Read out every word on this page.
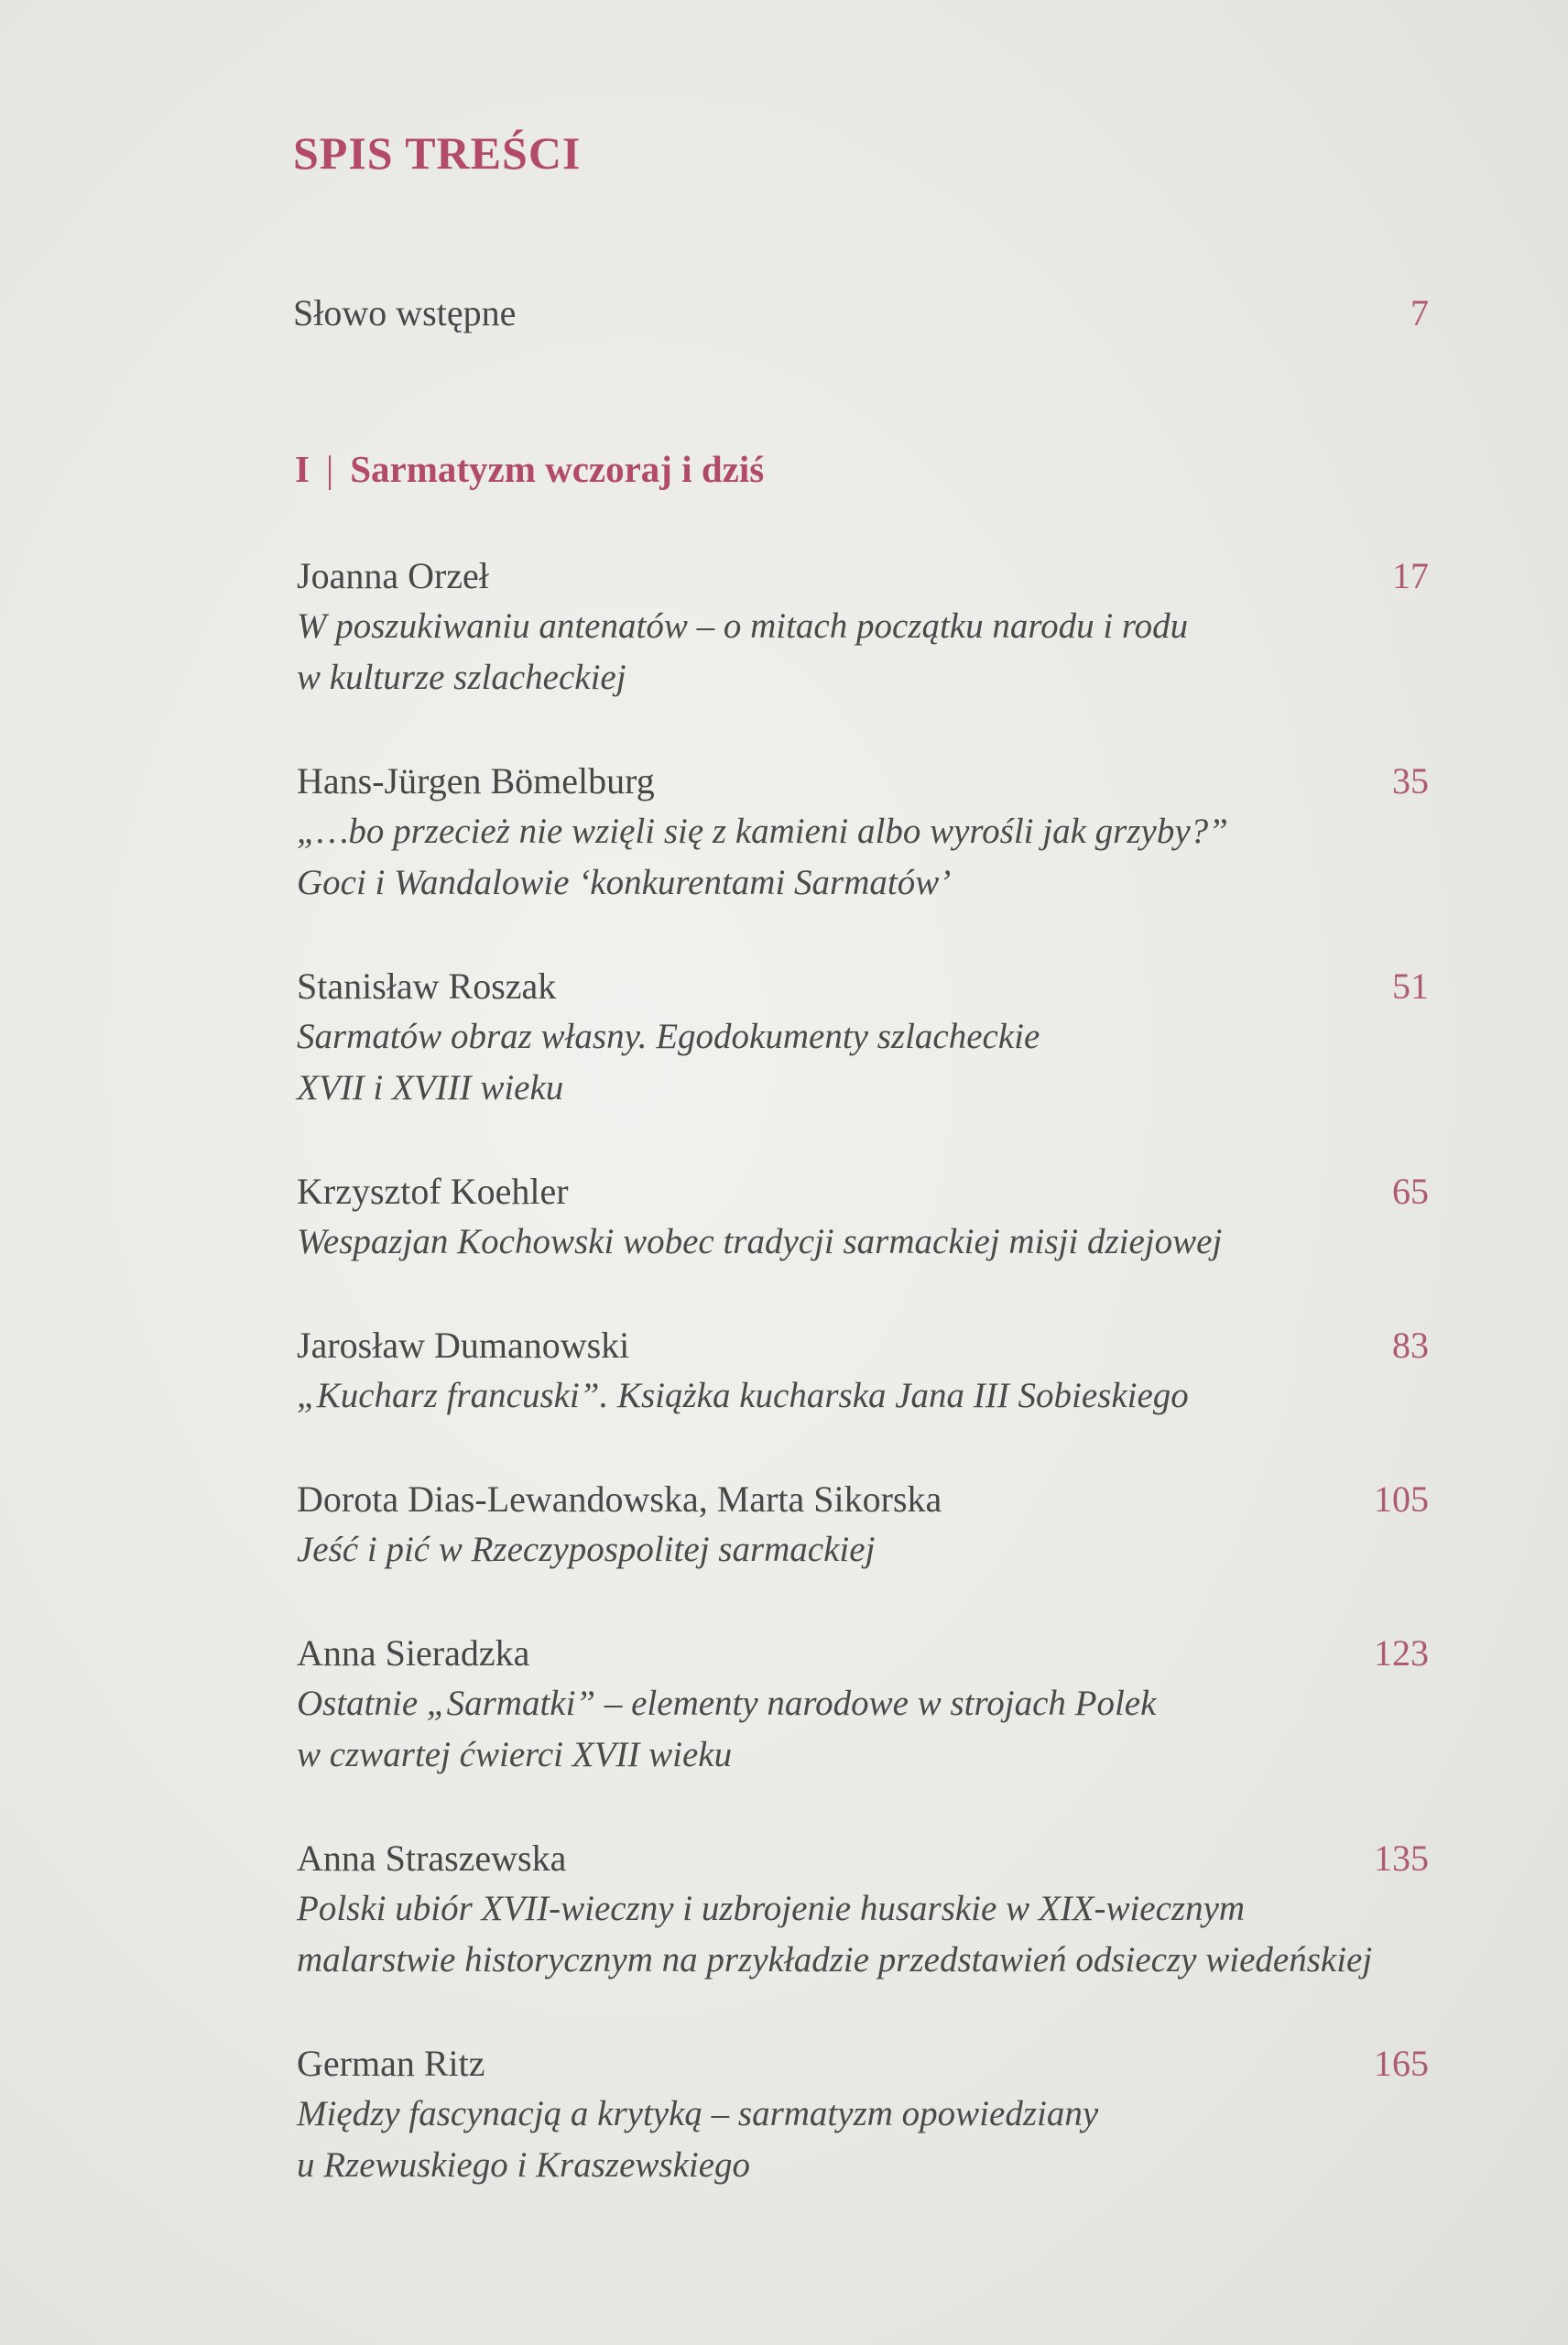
SPIS TREŚCI
Słowo wstępne	7
I | Sarmatyzm wczoraj i dziś
Joanna Orzeł	17
W poszukiwaniu antenatów – o mitach początku narodu i rodu
w kulturze szlacheckiej
Hans-Jürgen Bömelburg	35
„…bo przecież nie wzięli się z kamieni albo wyrośli jak grzyby?”
Goci i Wandalowie ‘konkurentami Sarmatów’
Stanisław Roszak	51
Sarmatów obraz własny. Egodokumenty szlacheckie
XVII i XVIII wieku
Krzysztof Koehler	65
Wespazjan Kochowski wobec tradycji sarmackiej misji dziejowej
Jarosław Dumanowski	83
„Kucharz francuski”. Książka kucharska Jana III Sobieskiego
Dorota Dias-Lewandowska, Marta Sikorska	105
Jeść i pić w Rzeczypospolitej sarmackiej
Anna Sieradzka	123
Ostatnie „Sarmatki” – elementy narodowe w strojach Polek
w czwartej ćwierci XVII wieku
Anna Straszewska	135
Polski ubiór XVII-wieczny i uzbrojenie husarskie w XIX-wiecznym
malarstwie historycznym na przykładzie przedstawień odsieczy wiedeńskiej
German Ritz	165
Między fascynacją a krytyką – sarmatyzm opowiedziany
u Rzewuskiego i Kraszewskiego
